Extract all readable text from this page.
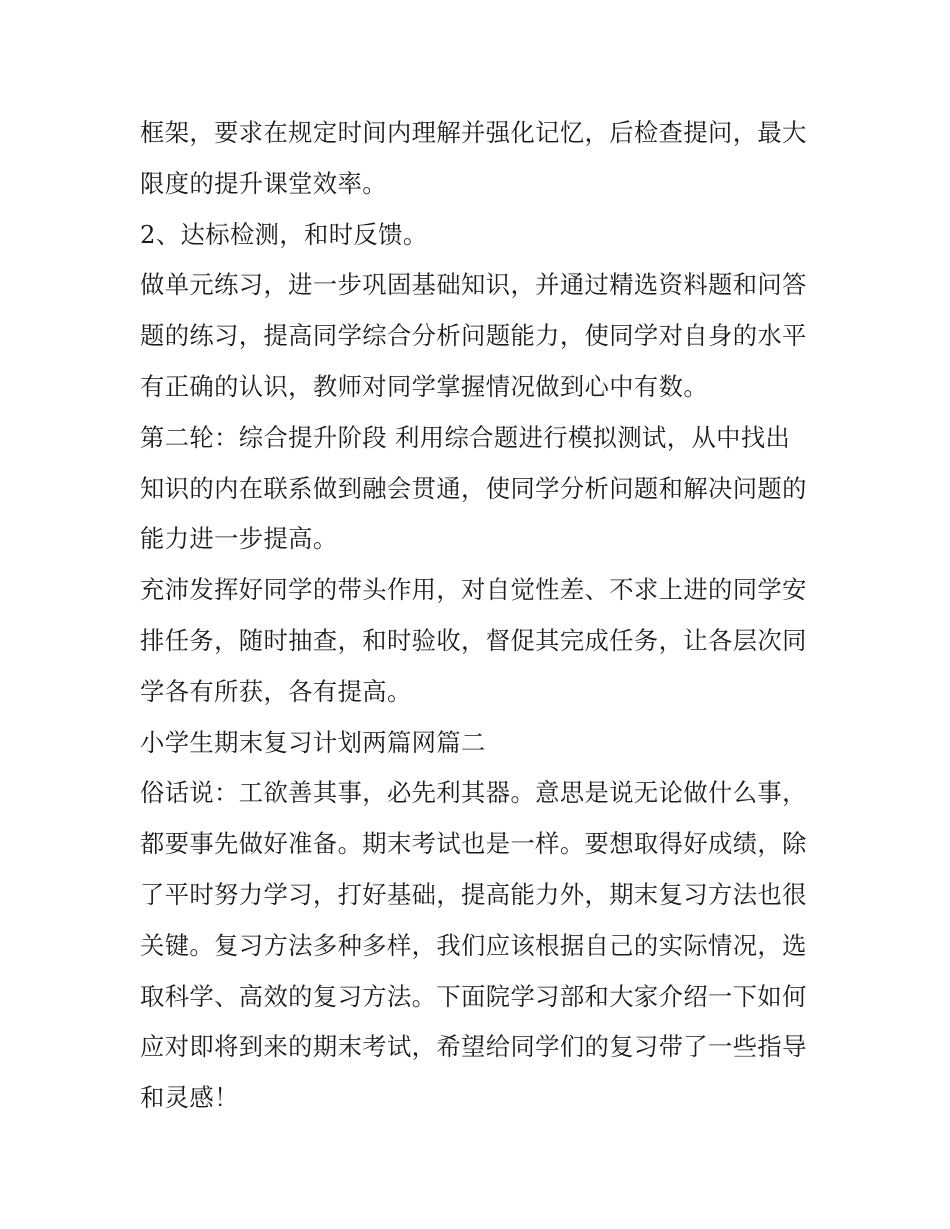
框架，要求在规定时间内理解并强化记忆，后检查提问，最大
限度的提升课堂效率。
2、达标检测，和时反馈。
做单元练习，进一步巩固基础知识，并通过精选资料题和问答
题的练习，提高同学综合分析问题能力，使同学对自身的水平
有正确的认识，教师对同学掌握情况做到心中有数。
第二轮：综合提升阶段 利用综合题进行模拟测试，从中找出
知识的内在联系做到融会贯通，使同学分析问题和解决问题的
能力进一步提高。
充沛发挥好同学的带头作用，对自觉性差、不求上进的同学安
排任务，随时抽查，和时验收，督促其完成任务，让各层次同
学各有所获，各有提高。
小学生期末复习计划两篇网篇二
俗话说：工欲善其事，必先利其器。意思是说无论做什么事，
都要事先做好准备。期末考试也是一样。要想取得好成绩，除
了平时努力学习，打好基础，提高能力外，期末复习方法也很
关键。复习方法多种多样，我们应该根据自己的实际情况，选
取科学、高效的复习方法。下面院学习部和大家介绍一下如何
应对即将到来的期末考试，希望给同学们的复习带了一些指导
和灵感！
